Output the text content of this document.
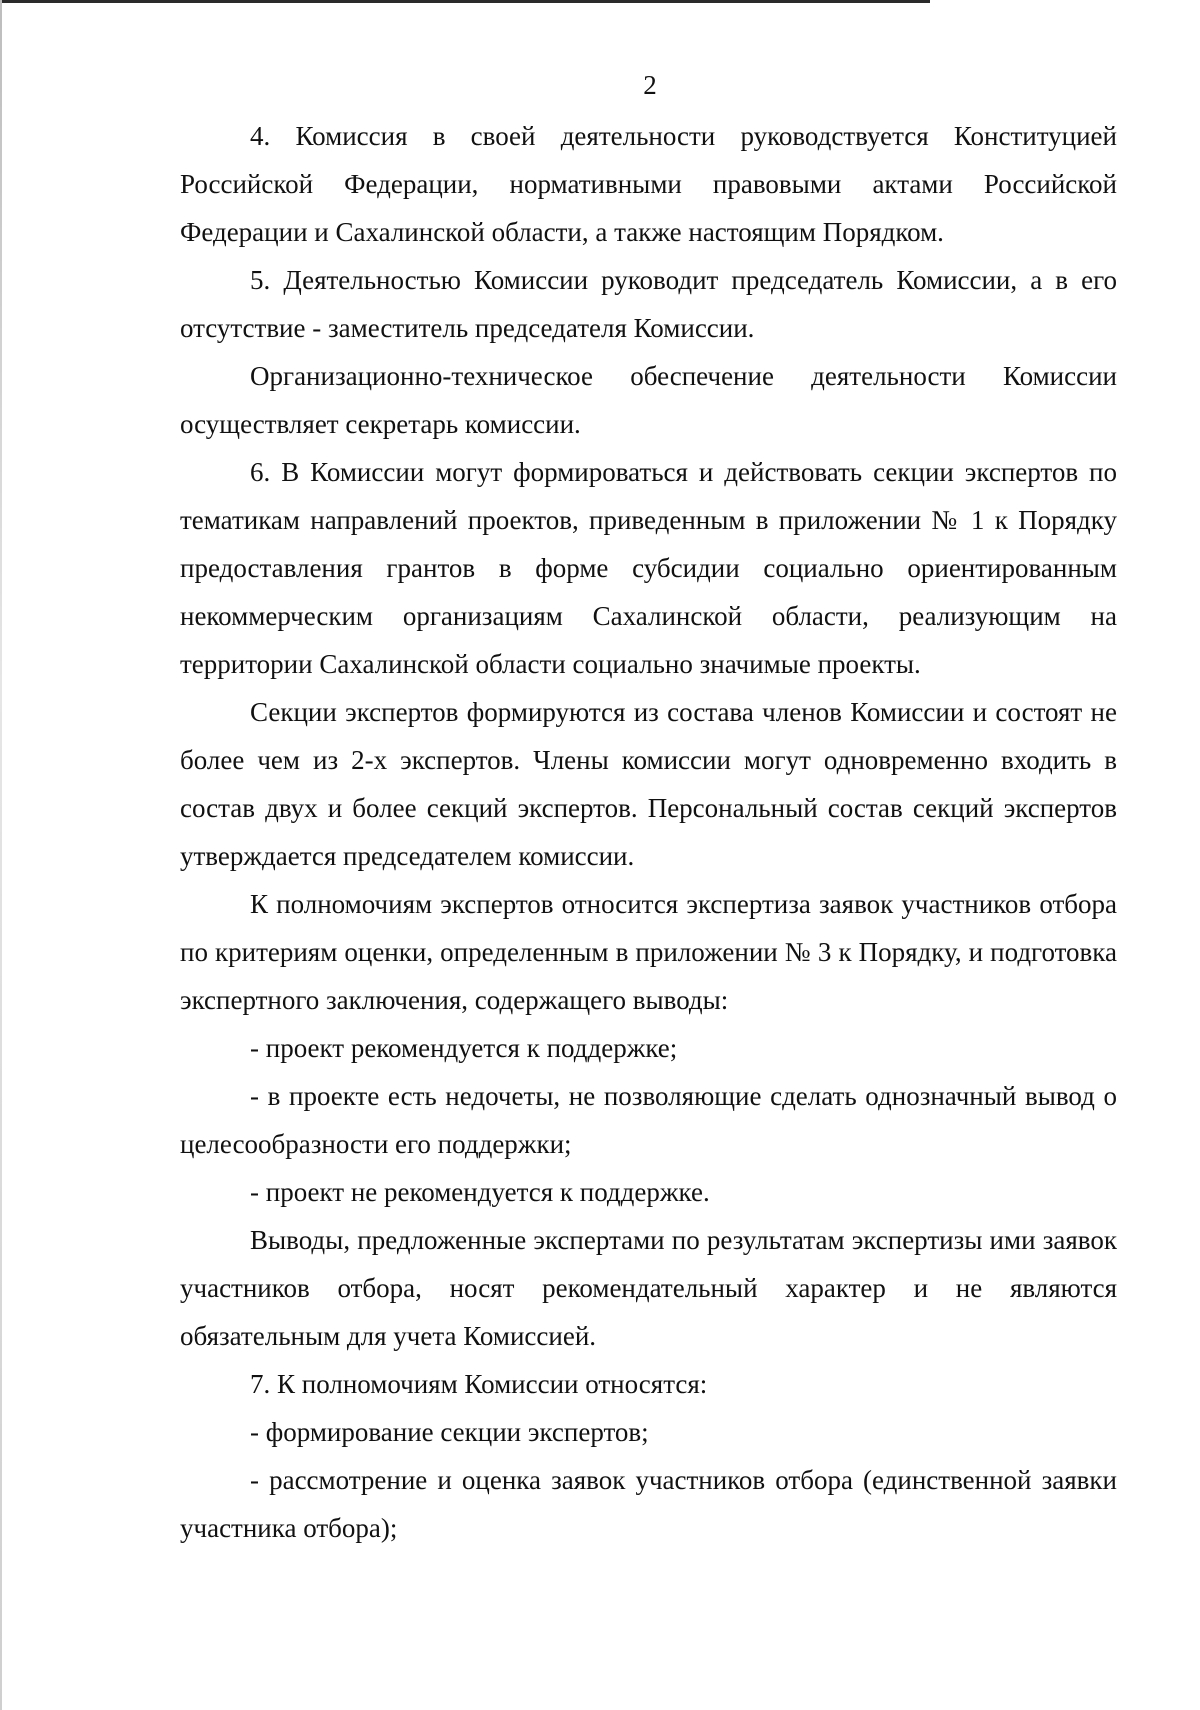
2

4. Комиссия в своей деятельности руководствуется Конституцией Российской Федерации, нормативными правовыми актами Российской Федерации и Сахалинской области, а также настоящим Порядком.

5. Деятельностью Комиссии руководит председатель Комиссии, а в его отсутствие - заместитель председателя Комиссии.

Организационно-техническое обеспечение деятельности Комиссии осуществляет секретарь комиссии.

6. В Комиссии могут формироваться и действовать секции экспертов по тематикам направлений проектов, приведенным в приложении № 1 к Порядку предоставления грантов в форме субсидии социально ориентированным некоммерческим организациям Сахалинской области, реализующим на территории Сахалинской области социально значимые проекты.

Секции экспертов формируются из состава членов Комиссии и состоят не более чем из 2-х экспертов. Члены комиссии могут одновременно входить в состав двух и более секций экспертов. Персональный состав секций экспертов утверждается председателем комиссии.

К полномочиям экспертов относится экспертиза заявок участников отбора по критериям оценки, определенным в приложении № 3 к Порядку, и подготовка экспертного заключения, содержащего выводы:

- проект рекомендуется к поддержке;

- в проекте есть недочеты, не позволяющие сделать однозначный вывод о целесообразности его поддержки;

- проект не рекомендуется к поддержке.

Выводы, предложенные экспертами по результатам экспертизы ими заявок участников отбора, носят рекомендательный характер и не являются обязательным для учета Комиссией.

7. К полномочиям Комиссии относятся:

- формирование секции экспертов;

- рассмотрение и оценка заявок участников отбора (единственной заявки участника отбора);
